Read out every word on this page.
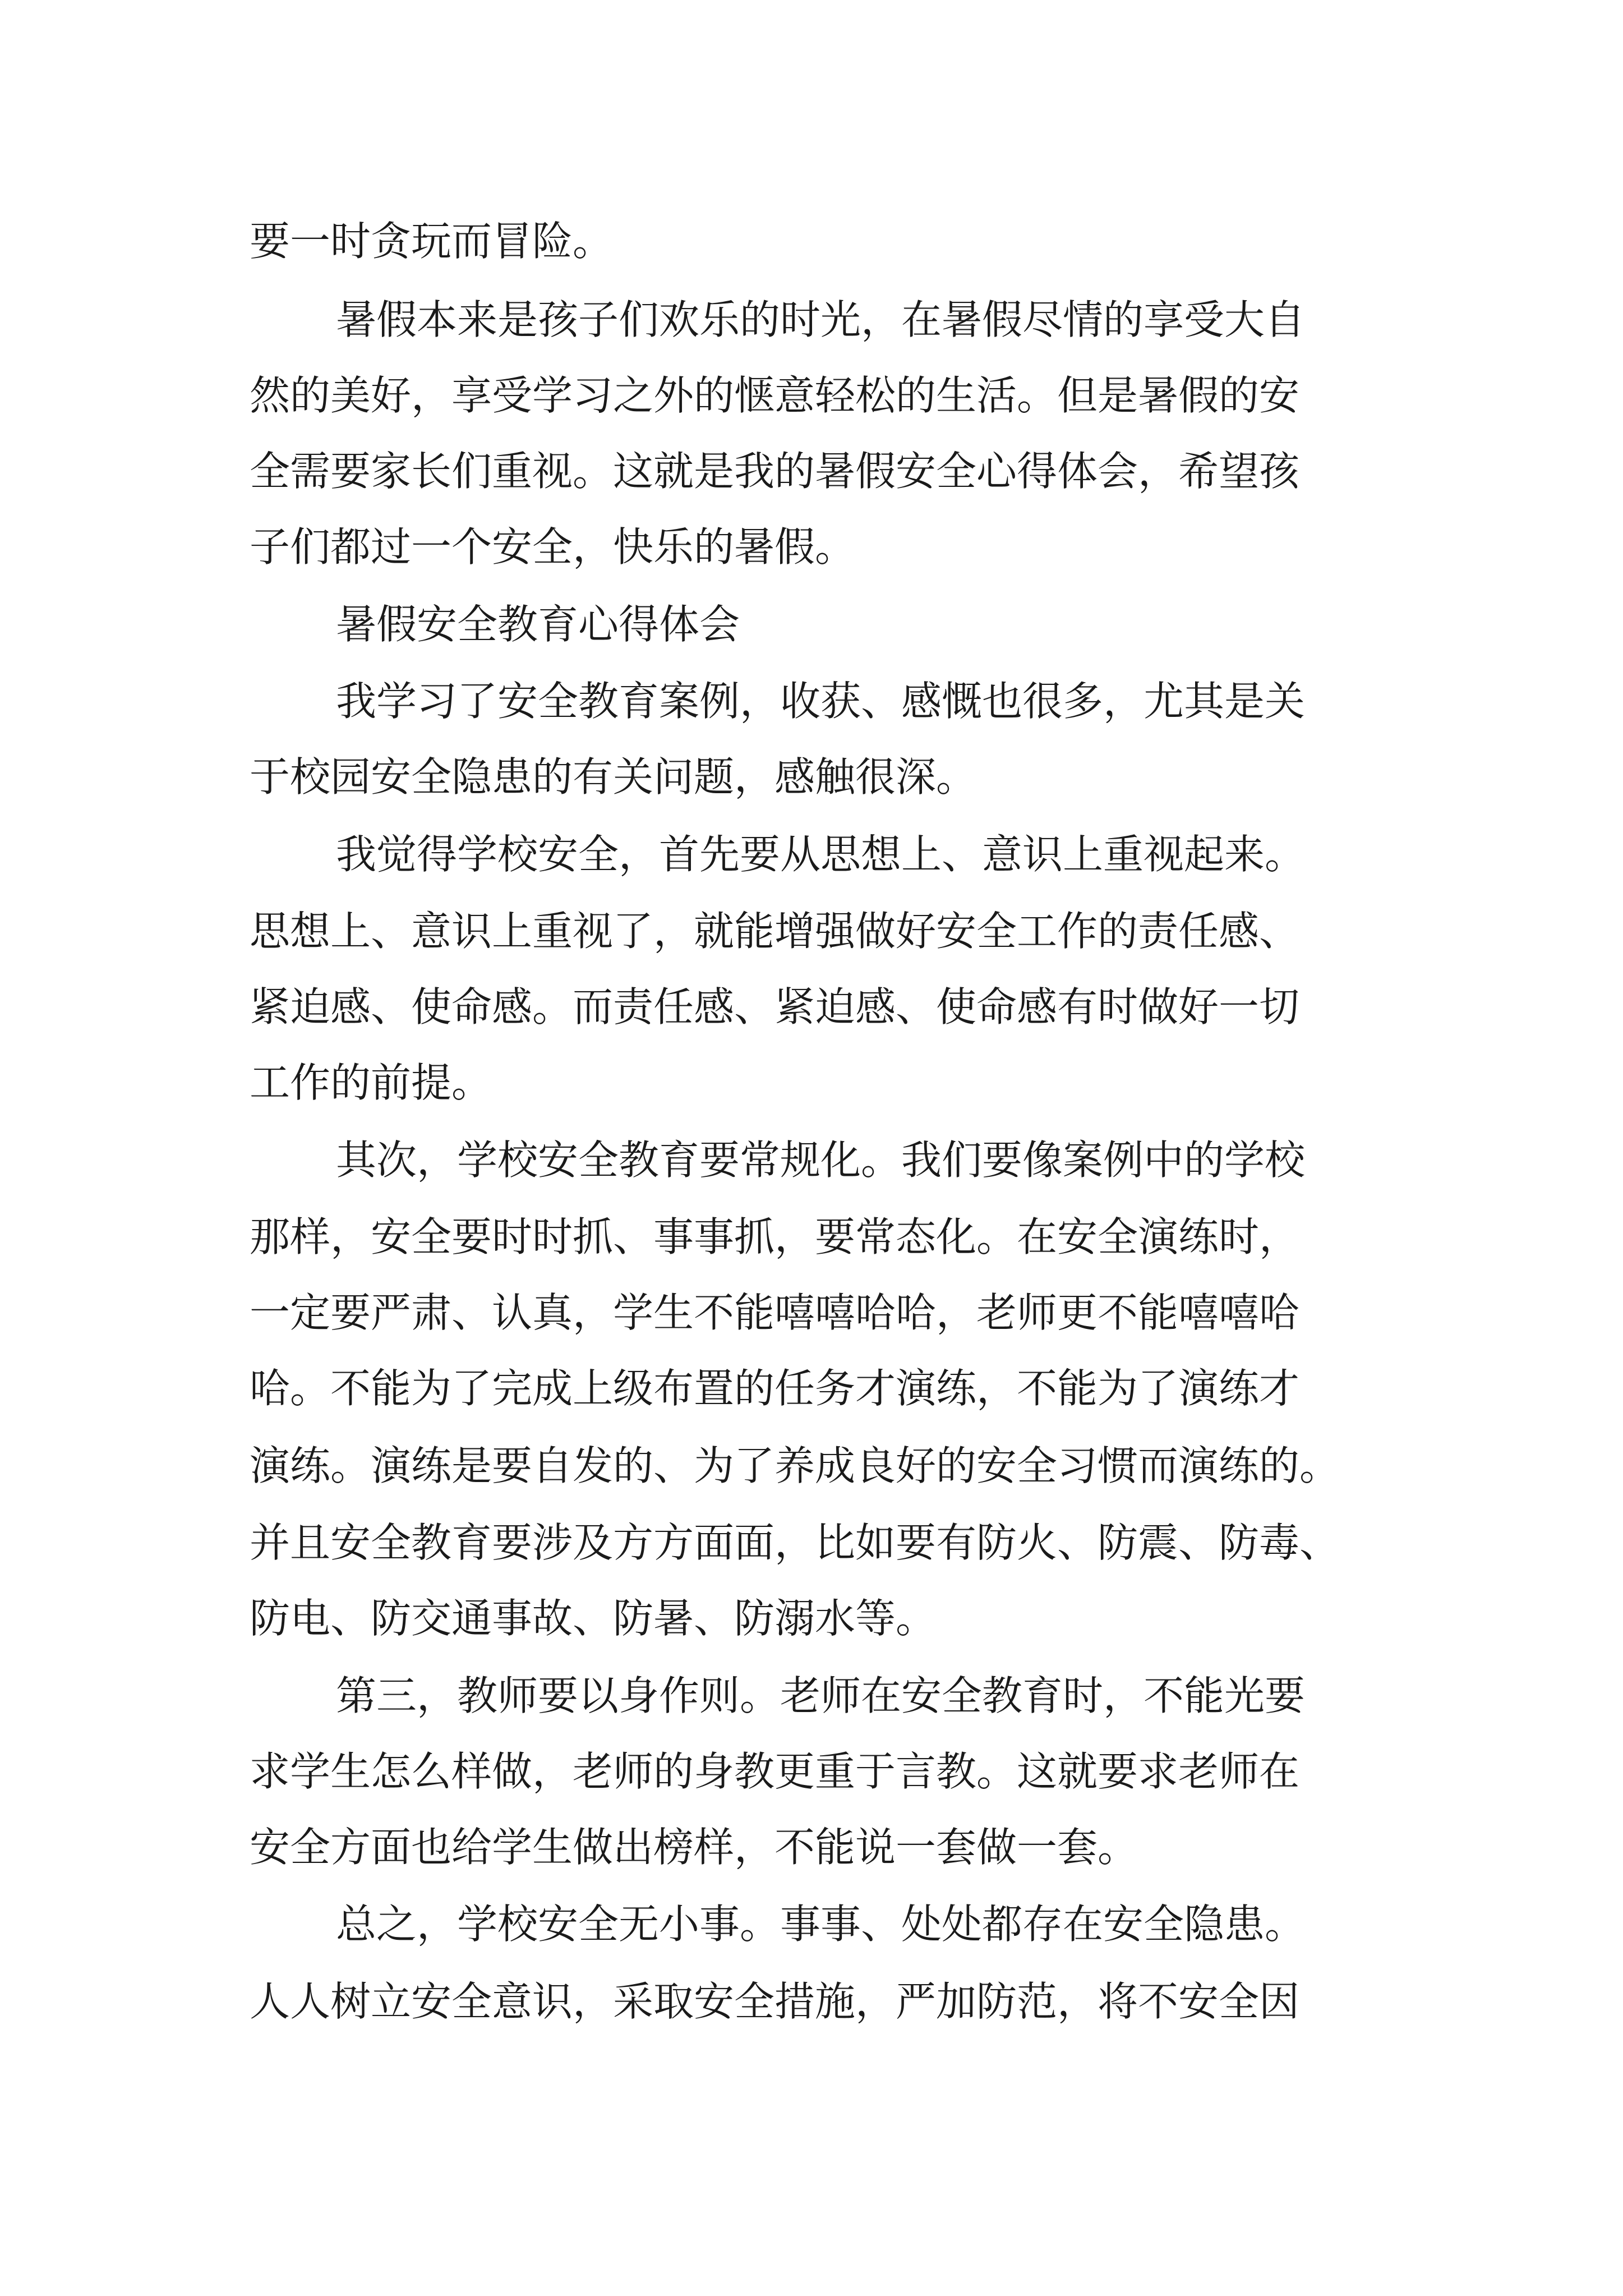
要一时贪玩而冒险。
暑假本来是孩子们欢乐的时光，在暑假尽情的享受大自
然的美好，享受学习之外的惬意轻松的生活。但是暑假的安
全需要家长们重视。这就是我的暑假安全心得体会，希望孩
子们都过一个安全，快乐的暑假。
暑假安全教育心得体会
我学习了安全教育案例，收获、感慨也很多，尤其是关
于校园安全隐患的有关问题，感触很深。
我觉得学校安全，首先要从思想上、意识上重视起来。
思想上、意识上重视了，就能增强做好安全工作的责任感、
紧迫感、使命感。而责任感、紧迫感、使命感有时做好一切
工作的前提。
其次，学校安全教育要常规化。我们要像案例中的学校
那样，安全要时时抓、事事抓，要常态化。在安全演练时，
一定要严肃、认真，学生不能嘻嘻哈哈，老师更不能嘻嘻哈
哈。不能为了完成上级布置的任务才演练，不能为了演练才
演练。演练是要自发的、为了养成良好的安全习惯而演练的。
并且安全教育要涉及方方面面，比如要有防火、防震、防毒、
防电、防交通事故、防暑、防溺水等。
第三，教师要以身作则。老师在安全教育时，不能光要
求学生怎么样做，老师的身教更重于言教。这就要求老师在
安全方面也给学生做出榜样，不能说一套做一套。
总之，学校安全无小事。事事、处处都存在安全隐患。
人人树立安全意识，采取安全措施，严加防范，将不安全因
